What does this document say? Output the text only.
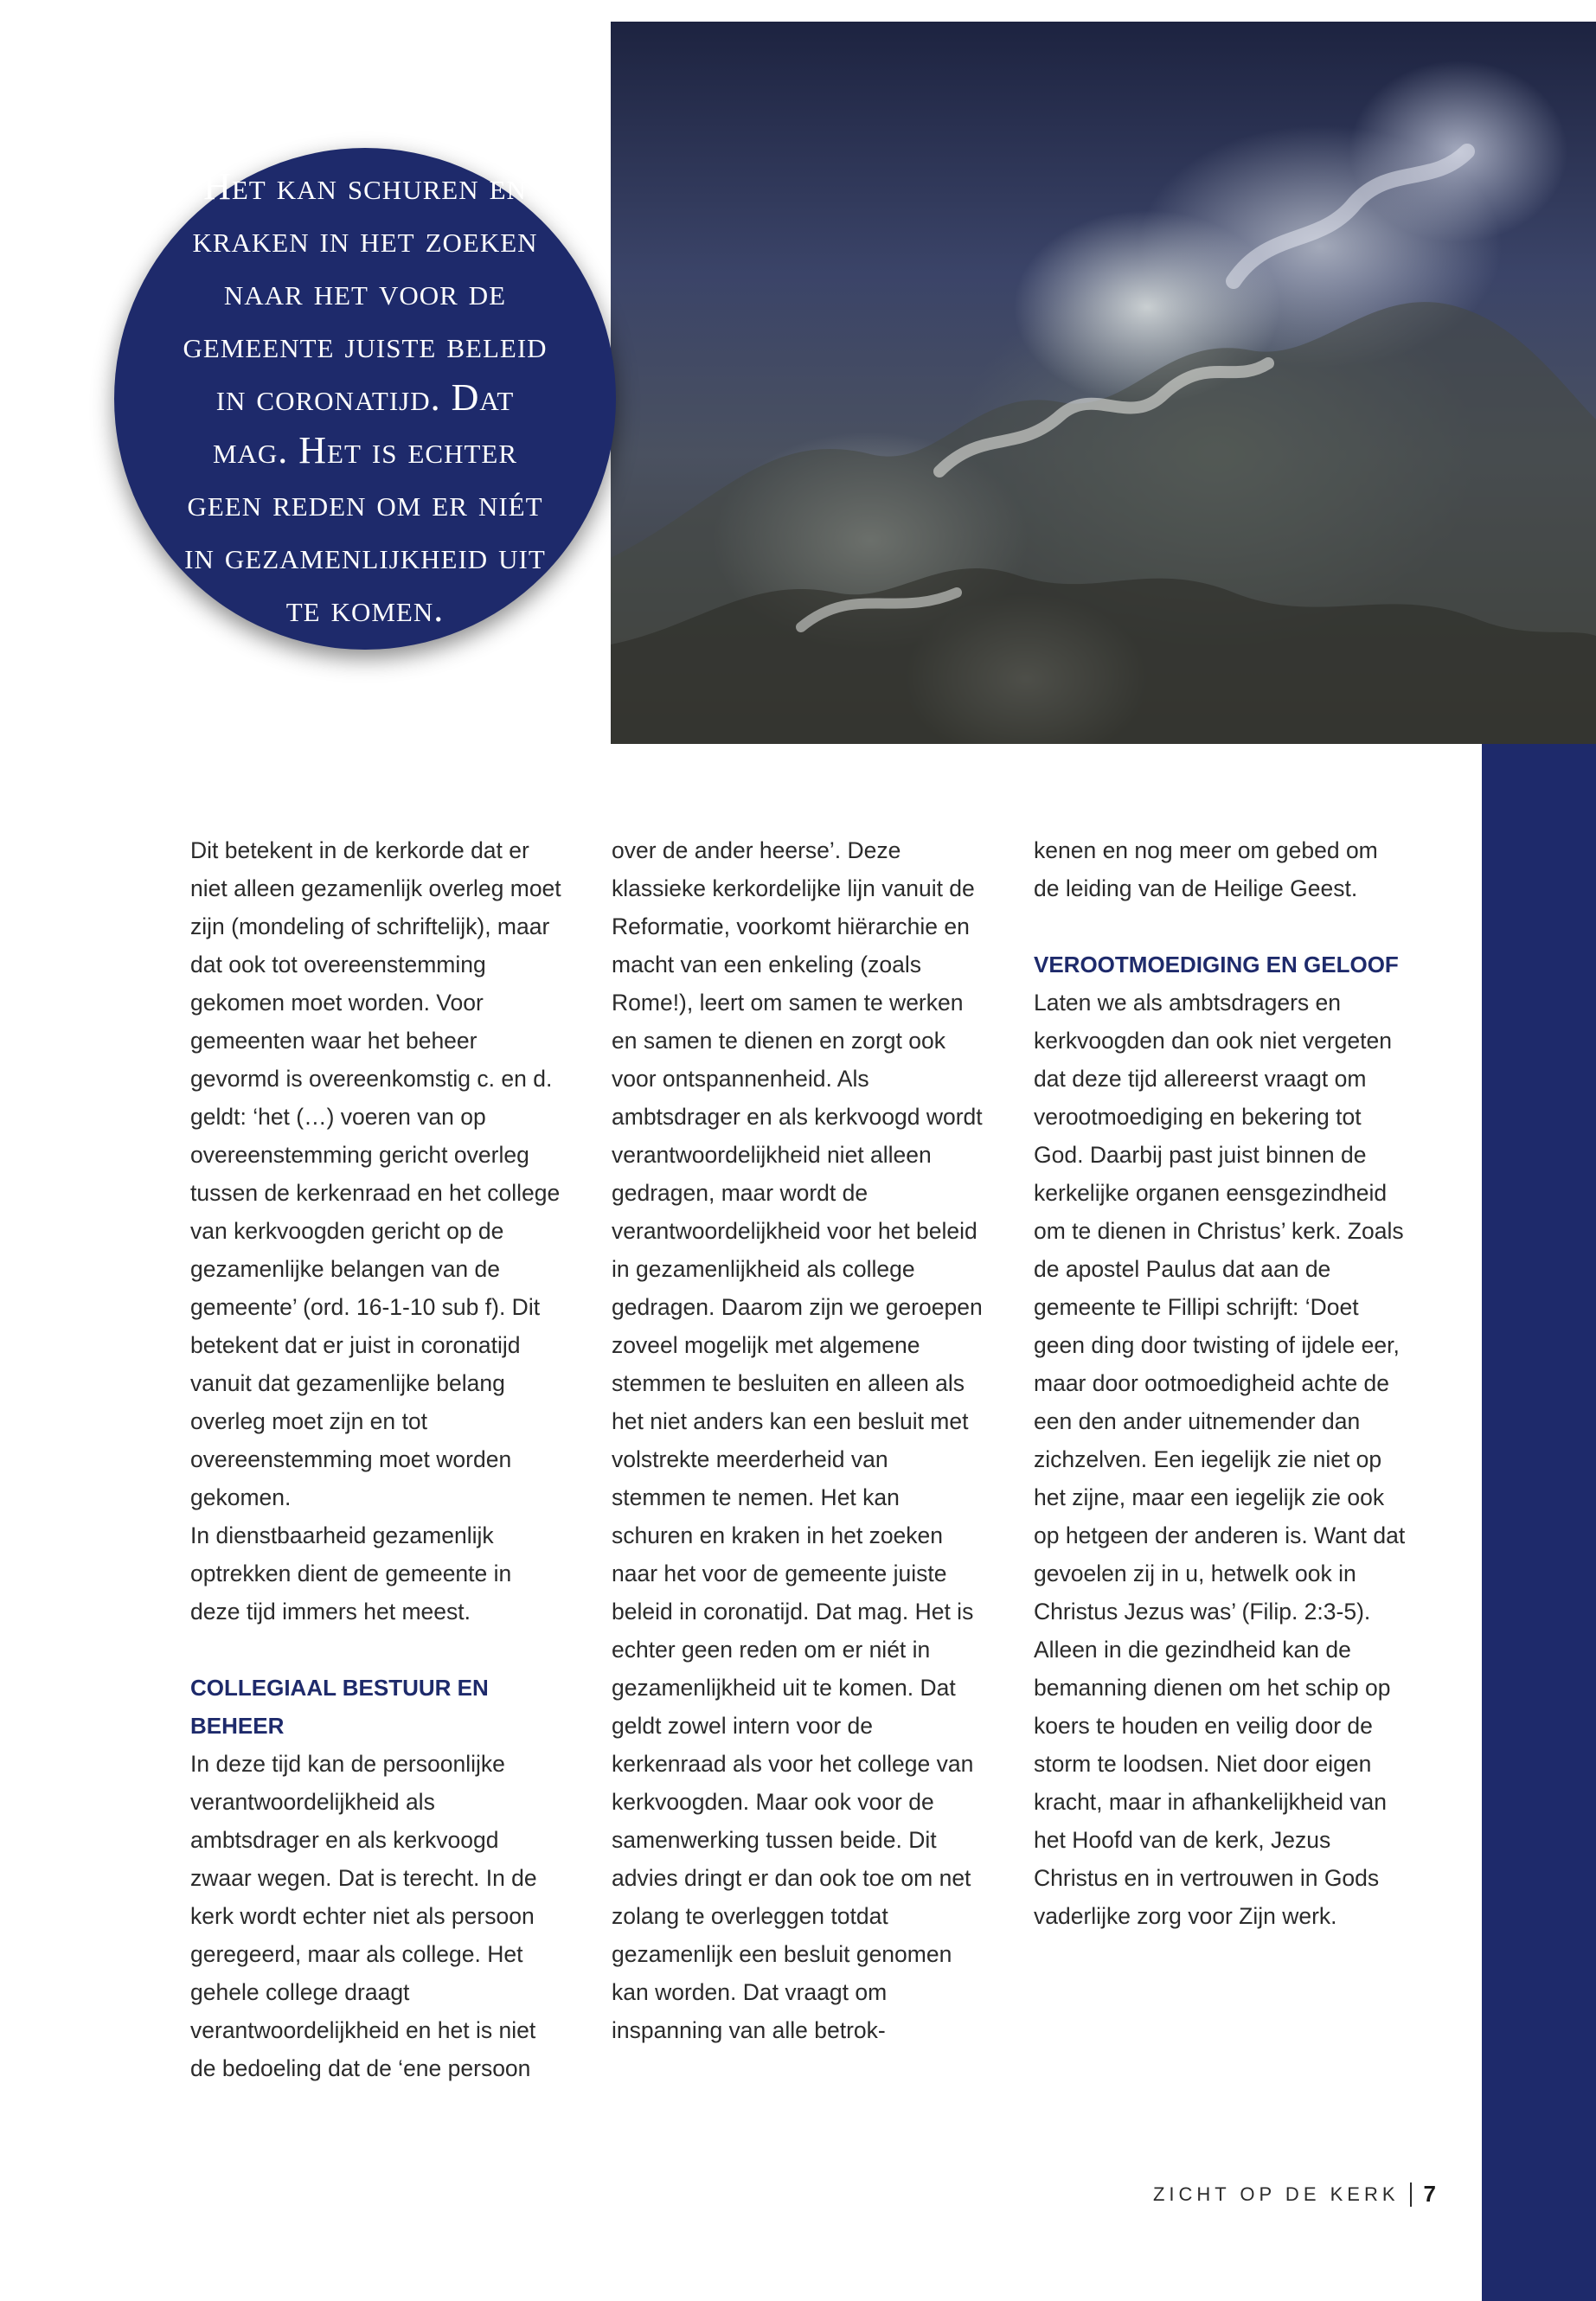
Het kan schuren en kraken in het zoeken naar het voor de gemeente juiste beleid in coronatijd. Dat mag. Het is echter geen reden om er niét in gezamenlijkheid uit te komen.

Dit betekent in de kerkorde dat er niet alleen gezamenlijk overleg moet zijn (mondeling of schriftelijk), maar dat ook tot overeenstemming gekomen moet worden. Voor gemeenten waar het beheer gevormd is overeenkomstig c. en d. geldt: ‘het (…) voeren van op overeenstemming gericht overleg tussen de kerkenraad en het college van kerkvoogden gericht op de gezamenlijke belangen van de gemeente’ (ord. 16-1-10 sub f). Dit betekent dat er juist in coronatijd vanuit dat gezamenlijke belang overleg moet zijn en tot overeenstemming moet worden gekomen.

In dienstbaarheid gezamenlijk optrekken dient de gemeente in deze tijd immers het meest.

COLLEGIAAL BESTUUR EN BEHEER

In deze tijd kan de persoonlijke verantwoordelijkheid als ambtsdrager en als kerkvoogd zwaar wegen. Dat is terecht. In de kerk wordt echter niet als persoon geregeerd, maar als college. Het gehele college draagt verantwoordelijkheid en het is niet de bedoeling dat de ‘ene persoon

over de ander heerse’. Deze klassieke kerkordelijke lijn vanuit de Reformatie, voorkomt hiërarchie en macht van een enkeling (zoals Rome!), leert om samen te werken en samen te dienen en zorgt ook voor ontspannenheid. Als ambtsdrager en als kerkvoogd wordt verantwoordelijkheid niet alleen gedragen, maar wordt de verantwoordelijkheid voor het beleid in gezamenlijkheid als college gedragen. Daarom zijn we geroepen zoveel mogelijk met algemene stemmen te besluiten en alleen als het niet anders kan een besluit met volstrekte meerderheid van stemmen te nemen. Het kan schuren en kraken in het zoeken naar het voor de gemeente juiste beleid in coronatijd. Dat mag. Het is echter geen reden om er niét in gezamenlijkheid uit te komen. Dat geldt zowel intern voor de kerkenraad als voor het college van kerkvoogden. Maar ook voor de samenwerking tussen beide. Dit advies dringt er dan ook toe om net zolang te overleggen totdat gezamenlijk een besluit genomen kan worden. Dat vraagt om inspanning van alle betrok-

kenen en nog meer om gebed om de leiding van de Heilige Geest.

VEROOTMOEDIGING EN GELOOF

Laten we als ambtsdragers en kerkvoogden dan ook niet vergeten dat deze tijd allereerst vraagt om verootmoediging en bekering tot God. Daarbij past juist binnen de kerkelijke organen eensgezindheid om te dienen in Christus’ kerk. Zoals de apostel Paulus dat aan de gemeente te Fillipi schrijft: ‘Doet geen ding door twisting of ijdele eer, maar door ootmoedigheid achte de een den ander uitnemender dan zichzelven. Een iegelijk zie niet op het zijne, maar een iegelijk zie ook op hetgeen der anderen is. Want dat gevoelen zij in u, hetwelk ook in Christus Jezus was’ (Filip. 2:3-5). Alleen in die gezindheid kan de bemanning dienen om het schip op koers te houden en veilig door de storm te loodsen. Niet door eigen kracht, maar in afhankelijkheid van het Hoofd van de kerk, Jezus Christus en in vertrouwen in Gods vaderlijke zorg voor Zijn werk.

ZICHT OP DE KERK 7
